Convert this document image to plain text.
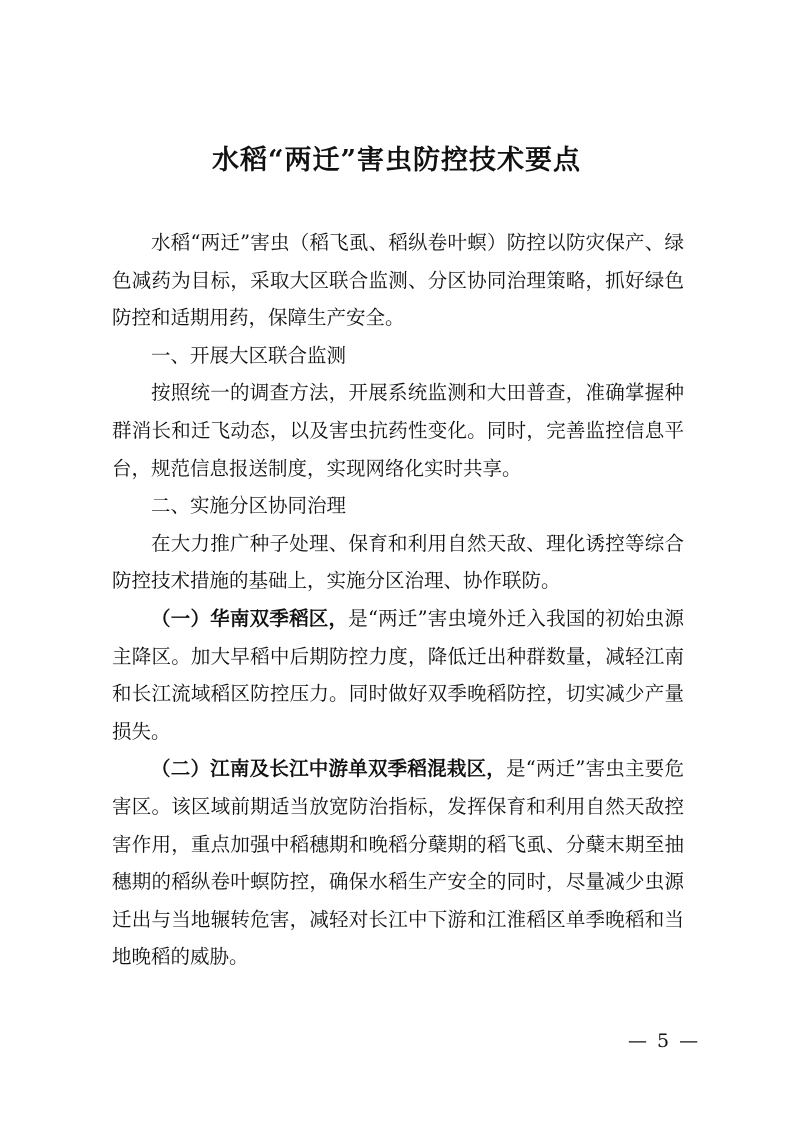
水稻“两迁”害虫防控技术要点

水稻“两迁”害虫（稻飞虱、稻纵卷叶螟）防控以防灾保产、绿色减药为目标，采取大区联合监测、分区协同治理策略，抓好绿色防控和适期用药，保障生产安全。

一、开展大区联合监测

按照统一的调查方法，开展系统监测和大田普查，准确掌握种群消长和迁飞动态，以及害虫抗药性变化。同时，完善监控信息平台，规范信息报送制度，实现网络化实时共享。

二、实施分区协同治理

在大力推广种子处理、保育和利用自然天敌、理化诱控等综合防控技术措施的基础上，实施分区治理、协作联防。

（一）华南双季稻区，是“两迁”害虫境外迁入我国的初始虫源主降区。加大早稻中后期防控力度，降低迁出种群数量，减轻江南和长江流域稻区防控压力。同时做好双季晚稻防控，切实减少产量损失。

（二）江南及长江中游单双季稻混栽区，是“两迁”害虫主要危害区。该区域前期适当放宽防治指标，发挥保育和利用自然天敌控害作用，重点加强中稻穗期和晚稻分蘖期的稻飞虱、分蘖末期至抽穗期的稻纵卷叶螟防控，确保水稻生产安全的同时，尽量减少虫源迁出与当地辗转危害，减轻对长江中下游和江淮稻区单季晚稻和当地晚稻的威胁。

— 5 —
